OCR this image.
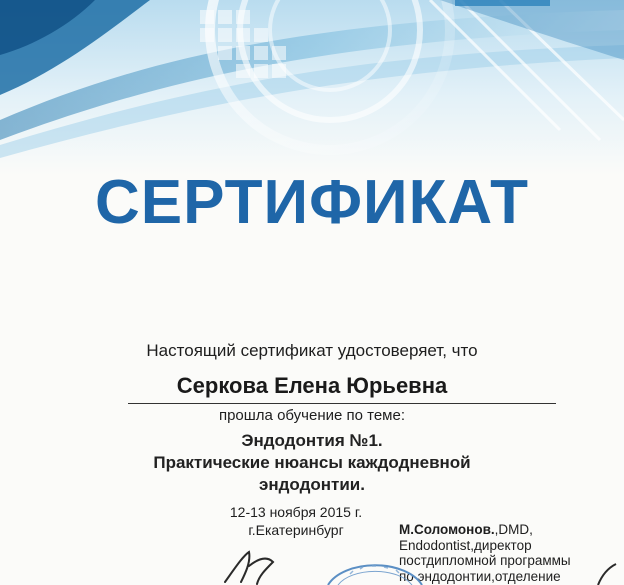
СЕРТИФИКАТ
Настоящий сертификат удостоверяет, что
Серкова Елена Юрьевна
прошла обучение по теме:
Эндодонтия №1.
Практические нюансы каждодневной
эндодонтии.
12-13 ноября 2015 г.
г.Екатеринбург	М.Соломонов.,DMD,
Endodontist,директор
постдипломной программы
по эндодонтии,отделение
